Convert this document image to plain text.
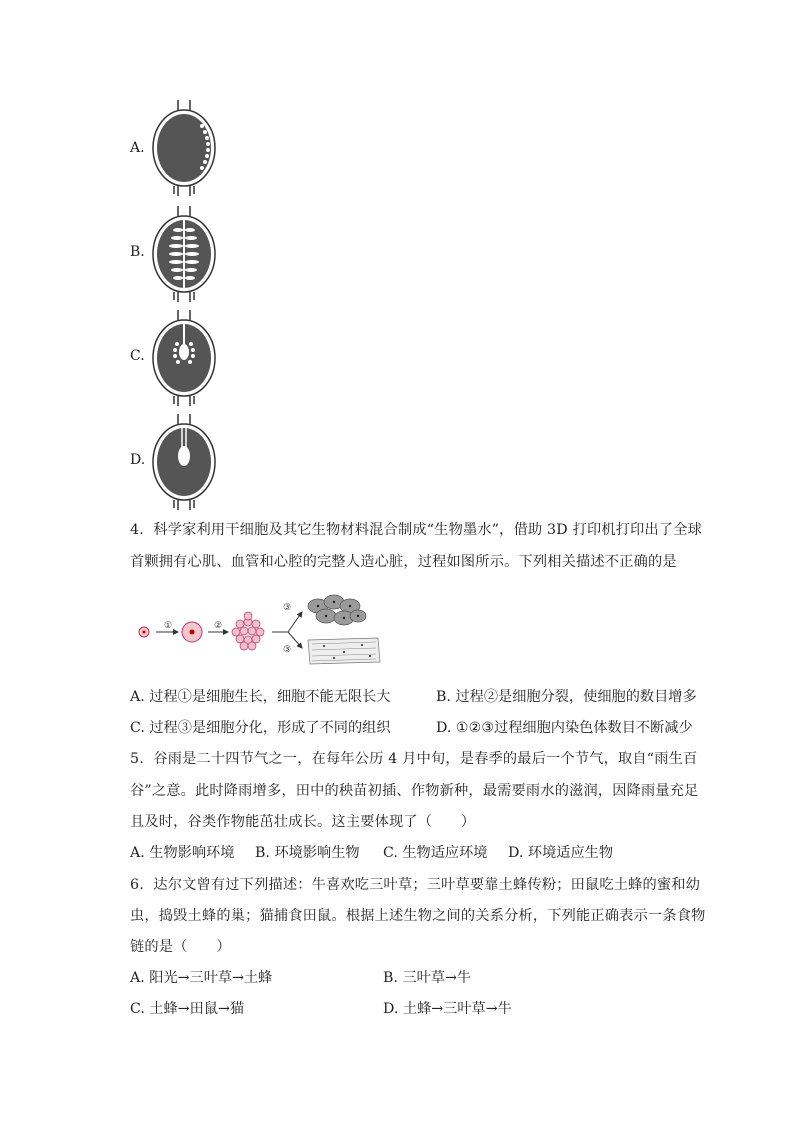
A.
B.
C.
D.
4. 科学家利用干细胞及其它生物材料混合制成“生物墨水”，借助 3D 打印机打印出了全球
首颗拥有心肌、血管和心腔的完整人造心脏，过程如图所示。下列相关描述不正确的是
①	②
③
③
A. 过程①是细胞生长，细胞不能无限长大	B. 过程②是细胞分裂，使细胞的数目增多
C. 过程③是细胞分化，形成了不同的组织	D. ①②③过程细胞内染色体数目不断减少
5. 谷雨是二十四节气之一，在每年公历 4 月中旬，是春季的最后一个节气，取自“雨生百
谷”之意。此时降雨增多，田中的秧苗初插、作物新种，最需要雨水的滋润，因降雨量充足
且及时，谷类作物能茁壮成长。这主要体现了（　　）
A. 生物影响环境 B. 环境影响生物 C. 生物适应环境 D. 环境适应生物
6. 达尔文曾有过下列描述：牛喜欢吃三叶草；三叶草要靠土蜂传粉；田鼠吃土蜂的蜜和幼
虫，捣毁土蜂的巢；猫捕食田鼠。根据上述生物之间的关系分析，下列能正确表示一条食物
链的是（　　）
A. 阳光→三叶草→土蜂	B. 三叶草→牛
C. 土蜂→田鼠→猫	D. 土蜂→三叶草→牛
